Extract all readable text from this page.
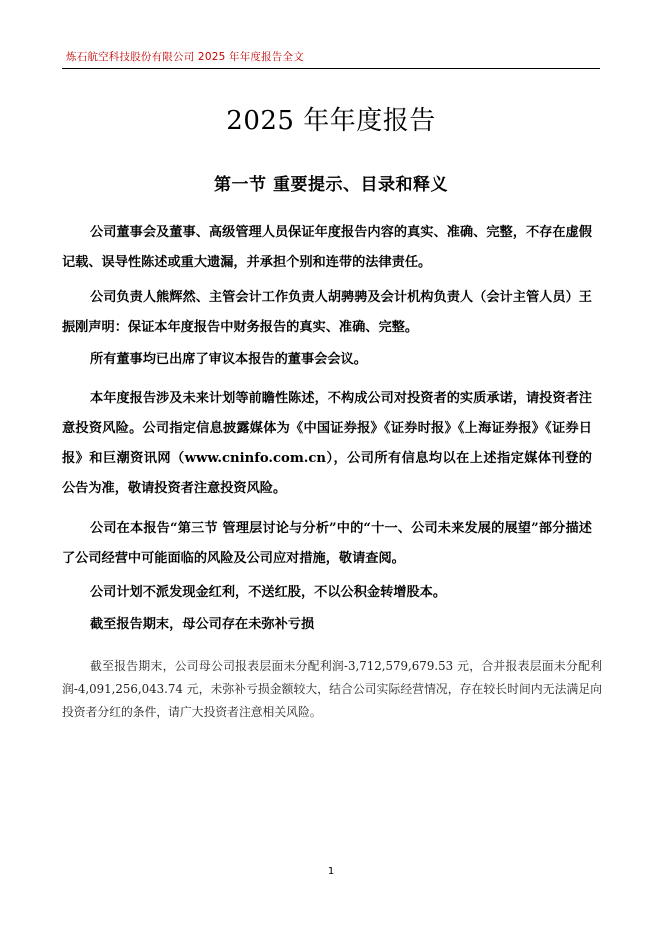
炼石航空科技股份有限公司 2025 年年度报告全文
2025 年年度报告
第一节 重要提示、目录和释义
公司董事会及董事、高级管理人员保证年度报告内容的真实、准确、完整，不存在虚假记载、误导性陈述或重大遗漏，并承担个别和连带的法律责任。
公司负责人熊辉然、主管会计工作负责人胡骋骋及会计机构负责人（会计主管人员）王振刚声明：保证本年度报告中财务报告的真实、准确、完整。
所有董事均已出席了审议本报告的董事会会议。
本年度报告涉及未来计划等前瞻性陈述，不构成公司对投资者的实质承诺，请投资者注意投资风险。公司指定信息披露媒体为《中国证券报》《证券时报》《上海证券报》《证券日报》和巨潮资讯网（www.cninfo.com.cn），公司所有信息均以在上述指定媒体刊登的公告为准，敬请投资者注意投资风险。
公司在本报告“第三节 管理层讨论与分析”中的“十一、公司未来发展的展望”部分描述了公司经营中可能面临的风险及公司应对措施，敬请查阅。
公司计划不派发现金红利，不送红股，不以公积金转增股本。
截至报告期末，母公司存在未弥补亏损
截至报告期末，公司母公司报表层面未分配利润-3,712,579,679.53 元，合并报表层面未分配利润-4,091,256,043.74 元，未弥补亏损金额较大，结合公司实际经营情况，存在较长时间内无法满足向投资者分红的条件，请广大投资者注意相关风险。
1
